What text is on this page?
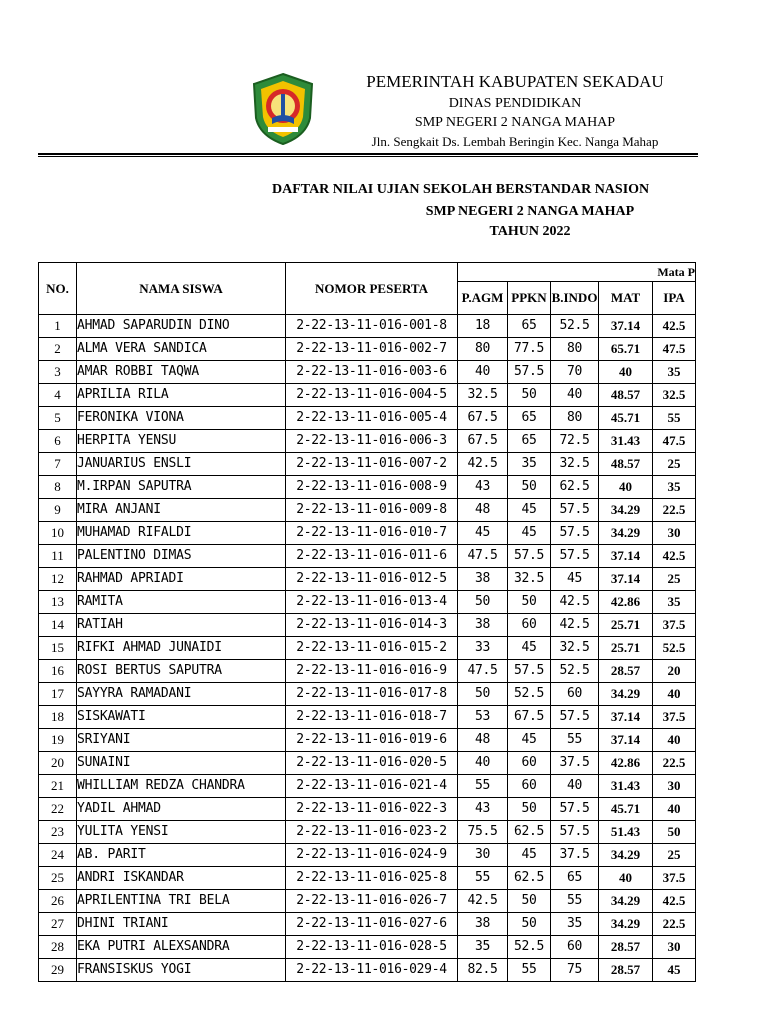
PEMERINTAH KABUPATEN SEKADAU
DINAS PENDIDIKAN
SMP NEGERI 2 NANGA MAHAP
Jln. Sengkait Ds. Lembah Beringin Kec. Nanga Mahap
DAFTAR NILAI UJIAN SEKOLAH BERSTANDAR NASION
SMP NEGERI 2 NANGA MAHAP
TAHUN 2022
NO.	NAMA SISWA	NOMOR PESERTA	Mata P				
			P.AGM	PPKN	B.INDO	MAT	IPA
1	AHMAD SAPARUDIN DINO	2-22-13-11-016-001-8	18	65	52.5	37.14	42.5
2	ALMA VERA SANDICA	2-22-13-11-016-002-7	80	77.5	80	65.71	47.5
3	AMAR ROBBI TAQWA	2-22-13-11-016-003-6	40	57.5	70	40	35
4	APRILIA RILA	2-22-13-11-016-004-5	32.5	50	40	48.57	32.5
5	FERONIKA VIONA	2-22-13-11-016-005-4	67.5	65	80	45.71	55
6	HERPITA YENSU	2-22-13-11-016-006-3	67.5	65	72.5	31.43	47.5
7	JANUARIUS ENSLI	2-22-13-11-016-007-2	42.5	35	32.5	48.57	25
8	M.IRPAN SAPUTRA	2-22-13-11-016-008-9	43	50	62.5	40	35
9	MIRA ANJANI	2-22-13-11-016-009-8	48	45	57.5	34.29	22.5
10	MUHAMAD RIFALDI	2-22-13-11-016-010-7	45	45	57.5	34.29	30
11	PALENTINO DIMAS	2-22-13-11-016-011-6	47.5	57.5	57.5	37.14	42.5
12	RAHMAD APRIADI	2-22-13-11-016-012-5	38	32.5	45	37.14	25
13	RAMITA	2-22-13-11-016-013-4	50	50	42.5	42.86	35
14	RATIAH	2-22-13-11-016-014-3	38	60	42.5	25.71	37.5
15	RIFKI AHMAD JUNAIDI	2-22-13-11-016-015-2	33	45	32.5	25.71	52.5
16	ROSI BERTUS SAPUTRA	2-22-13-11-016-016-9	47.5	57.5	52.5	28.57	20
17	SAYYRA RAMADANI	2-22-13-11-016-017-8	50	52.5	60	34.29	40
18	SISKAWATI	2-22-13-11-016-018-7	53	67.5	57.5	37.14	37.5
19	SRIYANI	2-22-13-11-016-019-6	48	45	55	37.14	40
20	SUNAINI	2-22-13-11-016-020-5	40	60	37.5	42.86	22.5
21	WHILLIAM REDZA CHANDRA	2-22-13-11-016-021-4	55	60	40	31.43	30
22	YADIL AHMAD	2-22-13-11-016-022-3	43	50	57.5	45.71	40
23	YULITA YENSI	2-22-13-11-016-023-2	75.5	62.5	57.5	51.43	50
24	AB. PARIT	2-22-13-11-016-024-9	30	45	37.5	34.29	25
25	ANDRI ISKANDAR	2-22-13-11-016-025-8	55	62.5	65	40	37.5
26	APRILENTINA TRI BELA	2-22-13-11-016-026-7	42.5	50	55	34.29	42.5
27	DHINI TRIANI	2-22-13-11-016-027-6	38	50	35	34.29	22.5
28	EKA PUTRI ALEXSANDRA	2-22-13-11-016-028-5	35	52.5	60	28.57	30
29	FRANSISKUS YOGI	2-22-13-11-016-029-4	82.5	55	75	28.57	45
